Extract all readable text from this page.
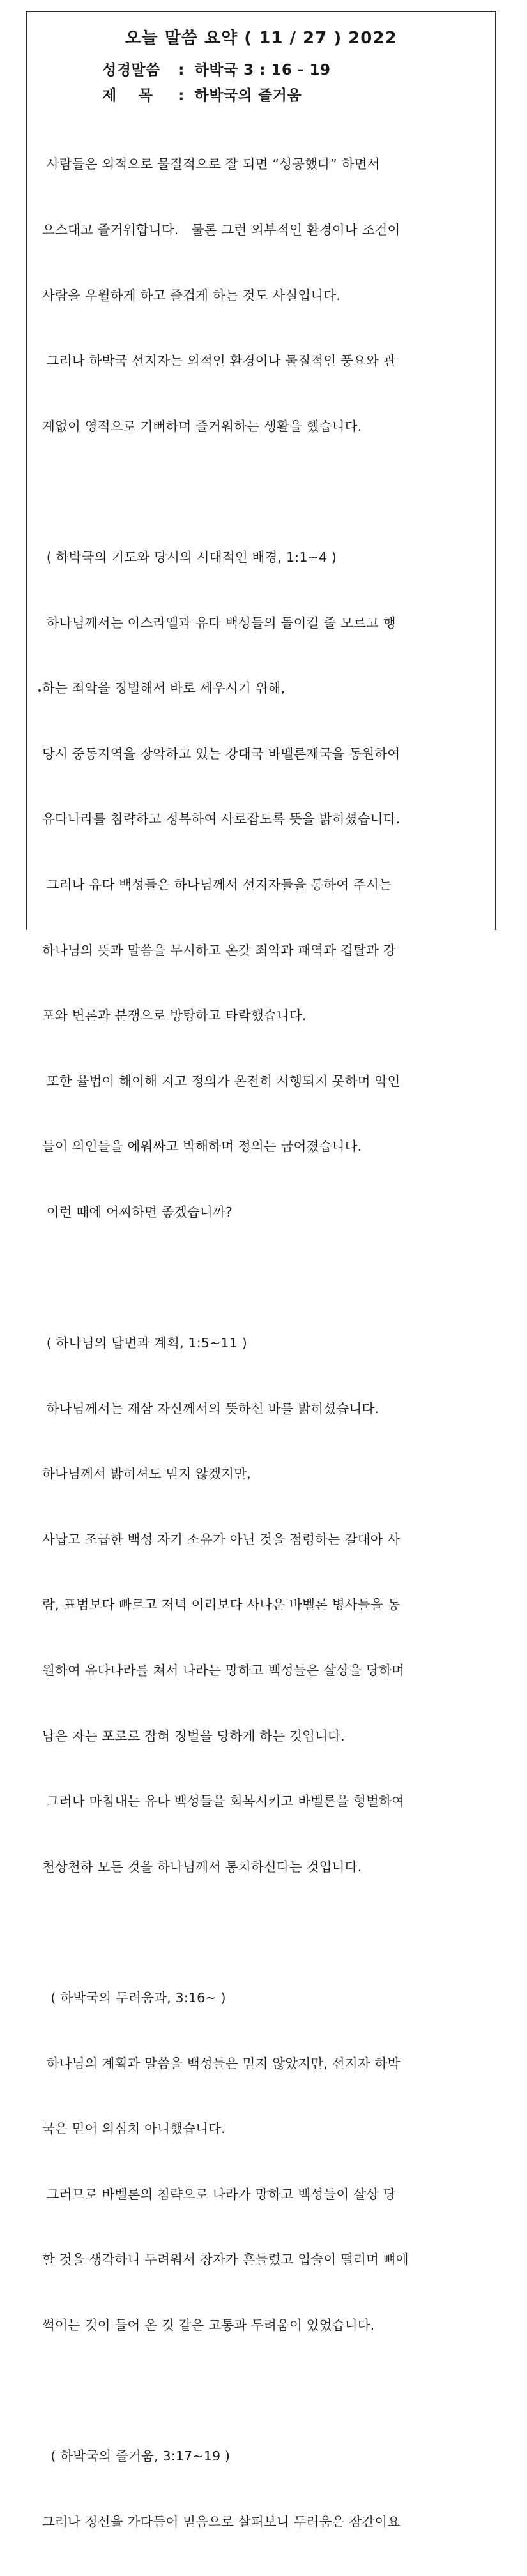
오늘 말씀 요약 ( 11 / 27 ) 2022
성경말씀 : 하박국 3 : 16 - 19
제    목 : 하박국의 즐거움

사람들은 외적으로 물질적으로 잘 되면 “성공했다” 하면서

으스대고 즐거워합니다.   물론 그런 외부적인 환경이나 조건이

사람을 우월하게 하고 즐겁게 하는 것도 사실입니다.

그러나 하박국 선지자는 외적인 환경이나 물질적인 풍요와 관

계없이 영적으로 기뻐하며 즐거워하는 생활을 했습니다.

( 하박국의 기도와 당시의 시대적인 배경, 1:1~4 )

하나님께서는 이스라엘과 유다 백성들의 돌이킬 줄 모르고 행

하는 죄악을 징벌해서 바로 세우시기 위해,

당시 중동지역을 장악하고 있는 강대국 바벨론제국을 동원하여

유다나라를 침략하고 정복하여 사로잡도록 뜻을 밝히셨습니다.

그러나 유다 백성들은 하나님께서 선지자들을 통하여 주시는

하나님의 뜻과 말씀을 무시하고 온갖 죄악과 패역과 겁탈과 강

포와 변론과 분쟁으로 방탕하고 타락했습니다.

또한 율법이 해이해 지고 정의가 온전히 시행되지 못하며 악인

들이 의인들을 에워싸고 박해하며 정의는 굽어졌습니다.

이런 때에 어찌하면 좋겠습니까?

( 하나님의 답변과 계획, 1:5~11 )

하나님께서는 재삼 자신께서의 뜻하신 바를 밝히셨습니다.

하나님께서 밝히셔도 믿지 않겠지만,

사납고 조급한 백성 자기 소유가 아닌 것을 점령하는 갈대아 사

람, 표범보다 빠르고 저녁 이리보다 사나운 바벨론 병사들을 동

원하여 유다나라를 쳐서 나라는 망하고 백성들은 살상을 당하며

남은 자는 포로로 잡혀 징벌을 당하게 하는 것입니다.

그러나 마침내는 유다 백성들을 회복시키고 바벨론을 형벌하여

천상천하 모든 것을 하나님께서 통치하신다는 것입니다.

( 하박국의 두려움과, 3:16~ )

하나님의 계획과 말씀을 백성들은 믿지 않았지만, 선지자 하박

국은 믿어 의심치 아니했습니다.

그러므로 바벨론의 침략으로 나라가 망하고 백성들이 살상 당

할 것을 생각하니 두려워서 창자가 흔들렸고 입술이 떨리며 뼈에

썩이는 것이 들어 온 것 같은 고통과 두려움이 있었습니다.

( 하박국의 즐거움, 3:17~19 )

그러나 정신을 가다듬어 믿음으로 살펴보니 두려움은 잠간이요
